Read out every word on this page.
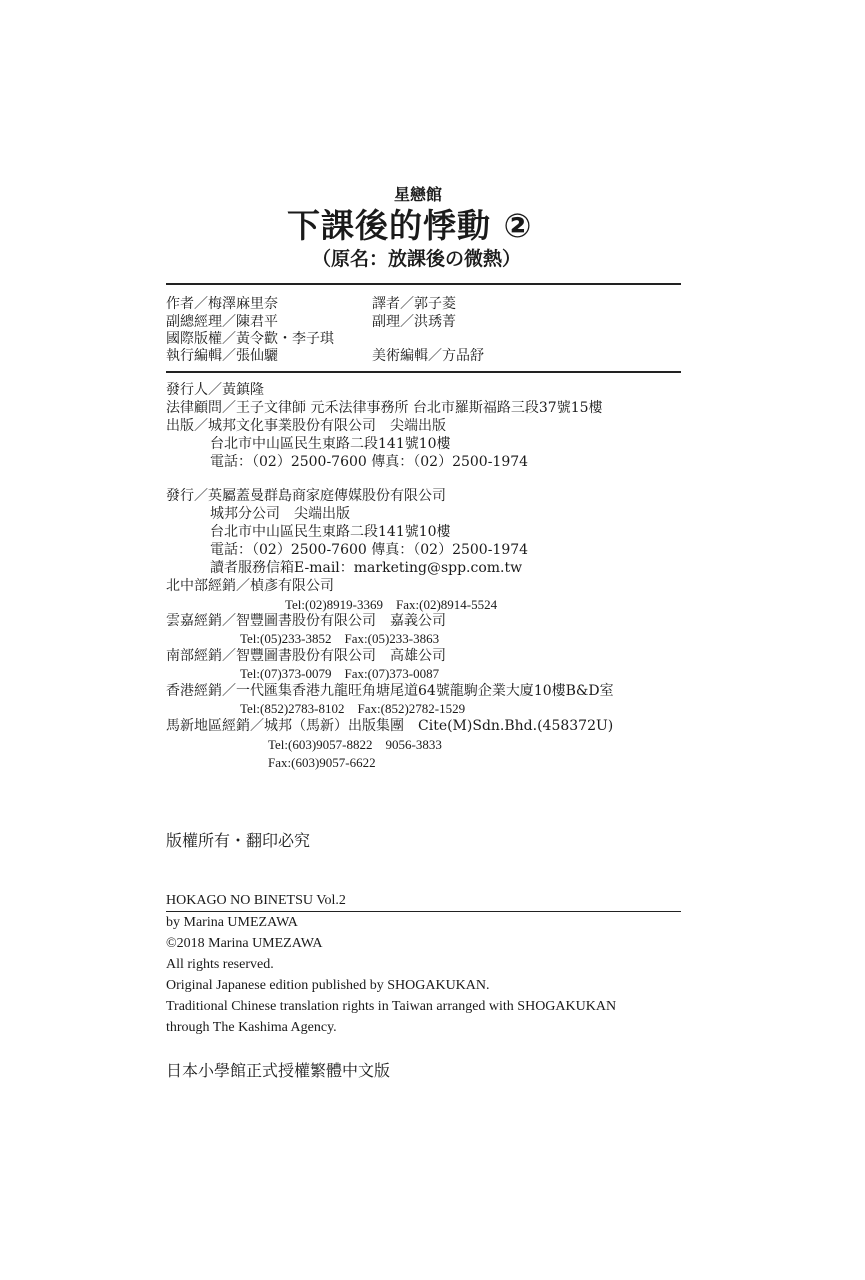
星戀館
下課後的悸動 ②
（原名：放課後の微熱）
作者／梅澤麻里奈	譯者／郭子菱
副總經理／陳君平	副理／洪琇菁
國際版權／黃令歡・李子琪
執行編輯／張仙驪	美術編輯／方品舒
發行人／黃鎮隆
法律顧問／王子文律師 元禾法律事務所 台北市羅斯福路三段37號15樓
出版／城邦文化事業股份有限公司　尖端出版
台北市中山區民生東路二段141號10樓
電話：（02）2500-7600 傳真：（02）2500-1974
發行／英屬蓋曼群島商家庭傳媒股份有限公司
城邦分公司　尖端出版
台北市中山區民生東路二段141號10樓
電話：（02）2500-7600 傳真：（02）2500-1974
讀者服務信箱E-mail：marketing@spp.com.tw
北中部經銷／楨彥有限公司
Tel:(02)8919-3369　Fax:(02)8914-5524
雲嘉經銷／智豐圖書股份有限公司　嘉義公司
Tel:(05)233-3852　Fax:(05)233-3863
南部經銷／智豐圖書股份有限公司　高雄公司
Tel:(07)373-0079　Fax:(07)373-0087
香港經銷／一代匯集香港九龍旺角塘尾道64號龍駒企業大廈10樓B&D室
Tel:(852)2783-8102　Fax:(852)2782-1529
馬新地區經銷／城邦（馬新）出版集團　Cite(M)Sdn.Bhd.(458372U)
Tel:(603)9057-8822　9056-3833
Fax:(603)9057-6622
版權所有・翻印必究
HOKAGO NO BINETSU Vol.2
by Marina UMEZAWA
©2018 Marina UMEZAWA
All rights reserved.
Original Japanese edition published by SHOGAKUKAN.
Traditional Chinese translation rights in Taiwan arranged with SHOGAKUKAN
through The Kashima Agency.
日本小學館正式授權繁體中文版
